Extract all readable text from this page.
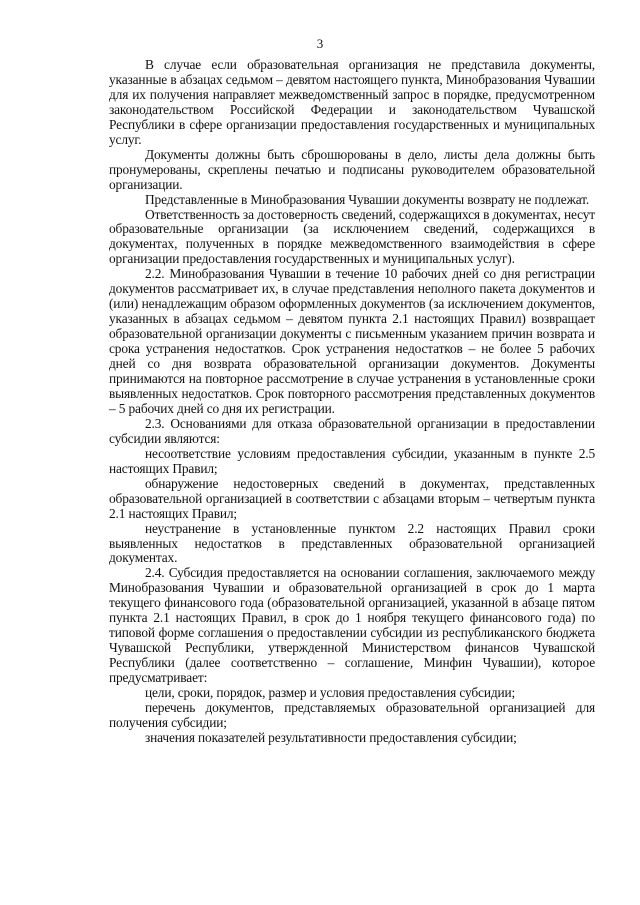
3

В случае если образовательная организация не представила документы, указанные в абзацах седьмом – девятом настоящего пункта, Минобразования Чувашии для их получения направляет межведомственный запрос в порядке, предусмотренном законодательством Российской Федерации и законодательством Чувашской Республики в сфере организации предоставления государственных и муниципальных услуг.

Документы должны быть сброшюрованы в дело, листы дела должны быть пронумерованы, скреплены печатью и подписаны руководителем образовательной организации.

Представленные в Минобразования Чувашии документы возврату не подлежат.

Ответственность за достоверность сведений, содержащихся в документах, несут образовательные организации (за исключением сведений, содержащихся в документах, полученных в порядке межведомственного взаимодействия в сфере организации предоставления государственных и муниципальных услуг).

2.2. Минобразования Чувашии в течение 10 рабочих дней со дня регистрации документов рассматривает их, в случае представления неполного пакета документов и (или) ненадлежащим образом оформленных документов (за исключением документов, указанных в абзацах седьмом – девятом пункта 2.1 настоящих Правил) возвращает образовательной организации документы с письменным указанием причин возврата и срока устранения недостатков. Срок устранения недостатков – не более 5 рабочих дней со дня возврата образовательной организации документов. Документы принимаются на повторное рассмотрение в случае устранения в установленные сроки выявленных недостатков. Срок повторного рассмотрения представленных документов – 5 рабочих дней со дня их регистрации.

2.3. Основаниями для отказа образовательной организации в предоставлении субсидии являются:

несоответствие условиям предоставления субсидии, указанным в пункте 2.5 настоящих Правил;

обнаружение недостоверных сведений в документах, представленных образовательной организацией в соответствии с абзацами вторым – четвертым пункта 2.1 настоящих Правил;

неустранение в установленные пунктом 2.2 настоящих Правил сроки выявленных недостатков в представленных образовательной организацией документах.

2.4. Субсидия предоставляется на основании соглашения, заключаемого между Минобразования Чувашии и образовательной организацией в срок до 1 марта текущего финансового года (образовательной организацией, указанной в абзаце пятом пункта 2.1 настоящих Правил, в срок до 1 ноября текущего финансового года) по типовой форме соглашения о предоставлении субсидии из республиканского бюджета Чувашской Республики, утвержденной Министерством финансов Чувашской Республики (далее соответственно – соглашение, Минфин Чувашии), которое предусматривает:

цели, сроки, порядок, размер и условия предоставления субсидии;

перечень документов, представляемых образовательной организацией для получения субсидии;

значения показателей результативности предоставления субсидии;
